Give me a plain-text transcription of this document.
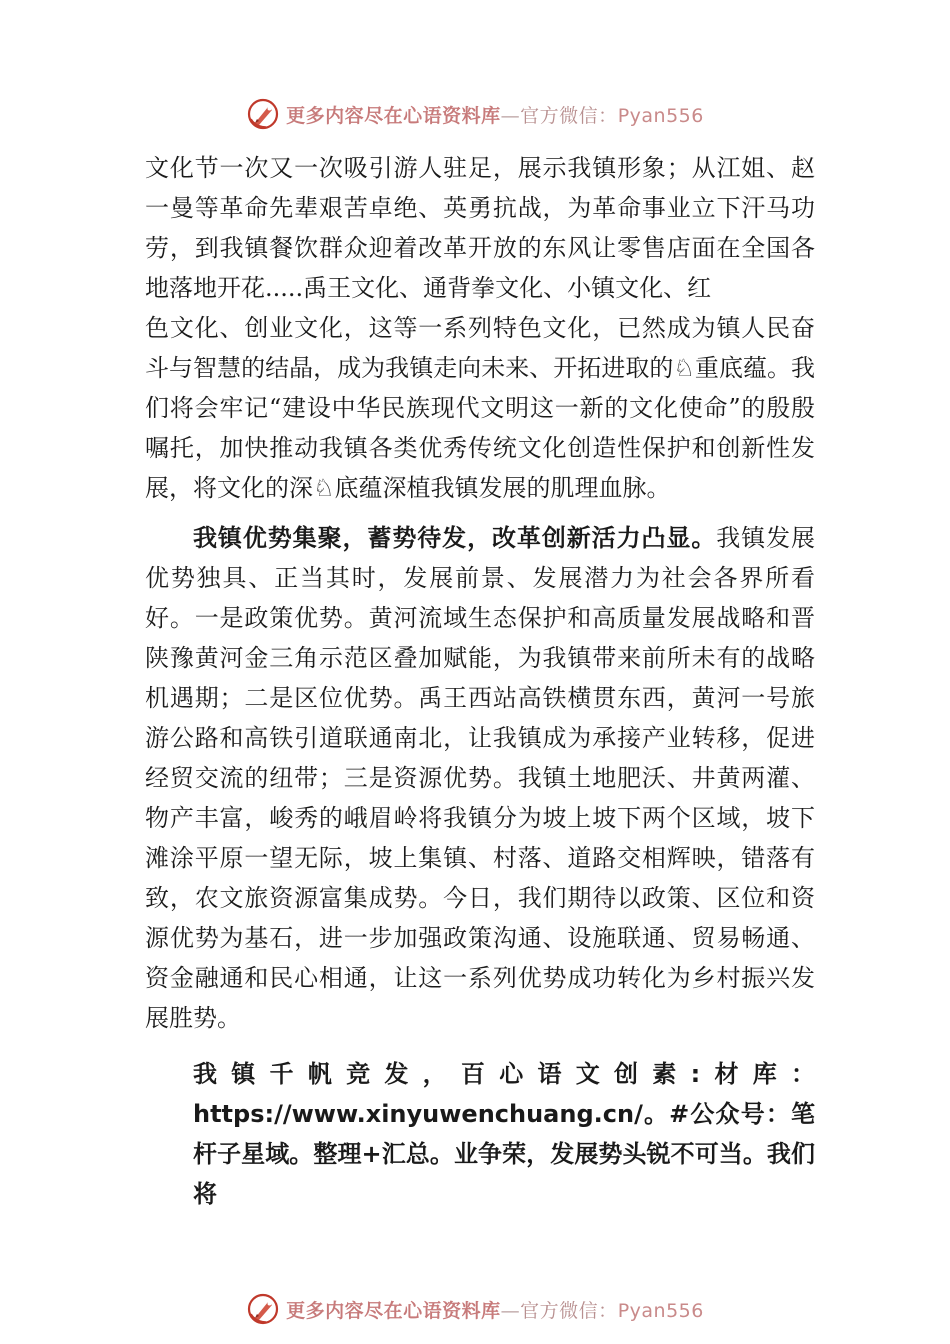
更多内容尽在心语资料库—官方微信：Pyan556

文化节一次又一次吸引游人驻足，展示我镇形象；从江姐、赵一曼等革命先辈艰苦卓绝、英勇抗战，为革命事业立下汗马功劳，到我镇餐饮群众迎着改革开放的东风让零售店面在全国各地落地开花.....禹王文化、通背拳文化、小镇文化、红

色文化、创业文化，这等一系列特色文化，已然成为镇人民奋斗与智慧的结晶，成为我镇走向未来、开拓进取的♘重底蕴。我们将会牢记“建设中华民族现代文明这一新的文化使命”的殷殷嘱托，加快推动我镇各类优秀传统文化创造性保护和创新性发展，将文化的深♘底蕴深植我镇发展的肌理血脉。

我镇优势集聚，蓄势待发，改革创新活力凸显。我镇发展优势独具、正当其时，发展前景、发展潜力为社会各界所看好。一是政策优势。黄河流域生态保护和高质量发展战略和晋陕豫黄河金三角示范区叠加赋能，为我镇带来前所未有的战略机遇期；二是区位优势。禹王西站高铁横贯东西，黄河一号旅游公路和高铁引道联通南北，让我镇成为承接产业转移，促进经贸交流的纽带；三是资源优势。我镇土地肥沃、井黄两灌、物产丰富，峻秀的峨眉岭将我镇分为坡上坡下两个区域，坡下滩涂平原一望无际，坡上集镇、村落、道路交相辉映，错落有致，农文旅资源富集成势。今日，我们期待以政策、区位和资源优势为基石，进一步加强政策沟通、设施联通、贸易畅通、资金融通和民心相通，让这一系列优势成功转化为乡村振兴发展胜势。

我镇千帆竞发，百心语文创素:材库：https://www.xinyuwenchuang.cn/。#公众号：笔杆子星域。整理+汇总。业争荣，发展势头锐不可当。我们将

更多内容尽在心语资料库—官方微信：Pyan556
